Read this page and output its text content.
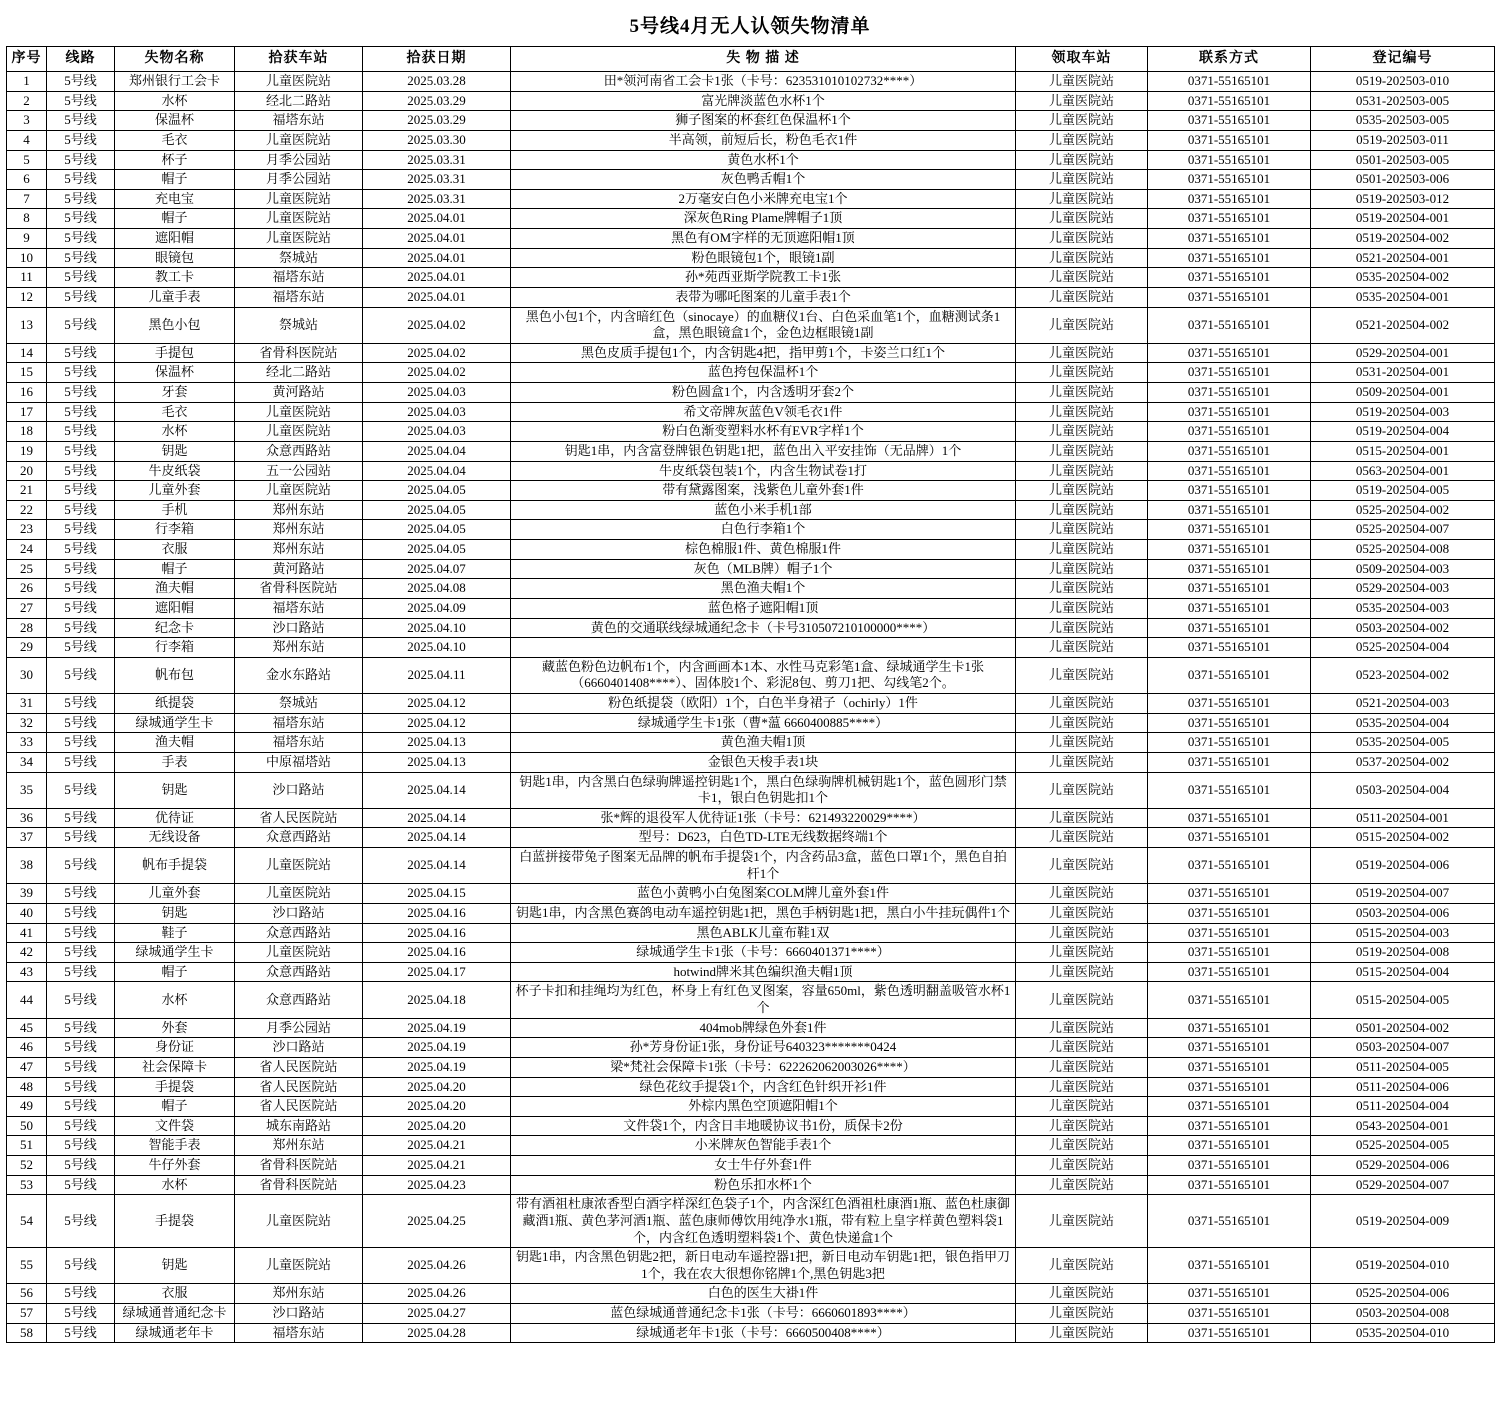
5号线4月无人认领失物清单
序号	线路	失物名称	拾获车站	拾获日期	失 物 描 述	领取车站	联系方式	登记编号
1	5号线	郑州银行工会卡	儿童医院站	2025.03.28	田*领河南省工会卡1张（卡号：623531010102732****）	儿童医院站	0371-55165101	0519-202503-010
2	5号线	水杯	经北二路站	2025.03.29	富光牌淡蓝色水杯1个	儿童医院站	0371-55165101	0531-202503-005
3	5号线	保温杯	福塔东站	2025.03.29	狮子图案的杯套红色保温杯1个	儿童医院站	0371-55165101	0535-202503-005
4	5号线	毛衣	儿童医院站	2025.03.30	半高领，前短后长，粉色毛衣1件	儿童医院站	0371-55165101	0519-202503-011
5	5号线	杯子	月季公园站	2025.03.31	黄色水杯1个	儿童医院站	0371-55165101	0501-202503-005
6	5号线	帽子	月季公园站	2025.03.31	灰色鸭舌帽1个	儿童医院站	0371-55165101	0501-202503-006
7	5号线	充电宝	儿童医院站	2025.03.31	2万毫安白色小米牌充电宝1个	儿童医院站	0371-55165101	0519-202503-012
8	5号线	帽子	儿童医院站	2025.04.01	深灰色Ring Plame牌帽子1顶	儿童医院站	0371-55165101	0519-202504-001
9	5号线	遮阳帽	儿童医院站	2025.04.01	黑色有OM字样的无顶遮阳帽1顶	儿童医院站	0371-55165101	0519-202504-002
10	5号线	眼镜包	祭城站	2025.04.01	粉色眼镜包1个，眼镜1副	儿童医院站	0371-55165101	0521-202504-001
11	5号线	教工卡	福塔东站	2025.04.01	孙*苑西亚斯学院教工卡1张	儿童医院站	0371-55165101	0535-202504-002
12	5号线	儿童手表	福塔东站	2025.04.01	表带为哪吒图案的儿童手表1个	儿童医院站	0371-55165101	0535-202504-001
13	5号线	黑色小包	祭城站	2025.04.02	黑色小包1个，内含暗红色（sinocaye）的血糖仪1台、白色采血笔1个，血糖测试条1盒，黑色眼镜盒1个，金色边框眼镜1副	儿童医院站	0371-55165101	0521-202504-002
14	5号线	手提包	省骨科医院站	2025.04.02	黑色皮质手提包1个，内含钥匙4把，指甲剪1个，卡姿兰口红1个	儿童医院站	0371-55165101	0529-202504-001
15	5号线	保温杯	经北二路站	2025.04.02	蓝色挎包保温杯1个	儿童医院站	0371-55165101	0531-202504-001
16	5号线	牙套	黄河路站	2025.04.03	粉色圆盒1个，内含透明牙套2个	儿童医院站	0371-55165101	0509-202504-001
17	5号线	毛衣	儿童医院站	2025.04.03	希文帝牌灰蓝色V领毛衣1件	儿童医院站	0371-55165101	0519-202504-003
18	5号线	水杯	儿童医院站	2025.04.03	粉白色渐变塑料水杯有EVR字样1个	儿童医院站	0371-55165101	0519-202504-004
19	5号线	钥匙	众意西路站	2025.04.04	钥匙1串，内含富登牌银色钥匙1把，蓝色出入平安挂饰（无品牌）1个	儿童医院站	0371-55165101	0515-202504-001
20	5号线	牛皮纸袋	五一公园站	2025.04.04	牛皮纸袋包装1个，内含生物试卷1打	儿童医院站	0371-55165101	0563-202504-001
21	5号线	儿童外套	儿童医院站	2025.04.05	带有黛露图案，浅紫色儿童外套1件	儿童医院站	0371-55165101	0519-202504-005
22	5号线	手机	郑州东站	2025.04.05	蓝色小米手机1部	儿童医院站	0371-55165101	0525-202504-002
23	5号线	行李箱	郑州东站	2025.04.05	白色行李箱1个	儿童医院站	0371-55165101	0525-202504-007
24	5号线	衣服	郑州东站	2025.04.05	棕色棉服1件、黄色棉服1件	儿童医院站	0371-55165101	0525-202504-008
25	5号线	帽子	黄河路站	2025.04.07	灰色（MLB牌）帽子1个	儿童医院站	0371-55165101	0509-202504-003
26	5号线	渔夫帽	省骨科医院站	2025.04.08	黑色渔夫帽1个	儿童医院站	0371-55165101	0529-202504-003
27	5号线	遮阳帽	福塔东站	2025.04.09	蓝色格子遮阳帽1顶	儿童医院站	0371-55165101	0535-202504-003
28	5号线	纪念卡	沙口路站	2025.04.10	黄色的交通联线绿城通纪念卡（卡号310507210100000****）	儿童医院站	0371-55165101	0503-202504-002
29	5号线	行李箱	郑州东站	2025.04.10		儿童医院站	0371-55165101	0525-202504-004
30	5号线	帆布包	金水东路站	2025.04.11	藏蓝色粉色边帆布1个，内含画画本1本、水性马克彩笔1盒、绿城通学生卡1张（6660401408****）、固体胶1个、彩泥8包、剪刀1把、勾线笔2个。	儿童医院站	0371-55165101	0523-202504-002
31	5号线	纸提袋	祭城站	2025.04.12	粉色纸提袋（欧阳）1个，白色半身裙子（ochirly）1件	儿童医院站	0371-55165101	0521-202504-003
32	5号线	绿城通学生卡	福塔东站	2025.04.12	绿城通学生卡1张（曹*蕰 6660400885****）	儿童医院站	0371-55165101	0535-202504-004
33	5号线	渔夫帽	福塔东站	2025.04.13	黄色渔夫帽1顶	儿童医院站	0371-55165101	0535-202504-005
34	5号线	手表	中原福塔站	2025.04.13	金银色天梭手表1块	儿童医院站	0371-55165101	0537-202504-002
35	5号线	钥匙	沙口路站	2025.04.14	钥匙1串，内含黑白色绿驹牌遥控钥匙1个，黑白色绿驹牌机械钥匙1个，蓝色圆形门禁卡1，银白色钥匙扣1个	儿童医院站	0371-55165101	0503-202504-004
36	5号线	优待证	省人民医院站	2025.04.14	张*辉的退役军人优待证1张（卡号：621493220029****）	儿童医院站	0371-55165101	0511-202504-001
37	5号线	无线设备	众意西路站	2025.04.14	型号：D623，白色TD-LTE无线数据终端1个	儿童医院站	0371-55165101	0515-202504-002
38	5号线	帆布手提袋	儿童医院站	2025.04.14	白蓝拼接带兔子图案无品牌的帆布手提袋1个，内含药品3盒，蓝色口罩1个，黑色自拍杆1个	儿童医院站	0371-55165101	0519-202504-006
39	5号线	儿童外套	儿童医院站	2025.04.15	蓝色小黄鸭小白兔图案COLM牌儿童外套1件	儿童医院站	0371-55165101	0519-202504-007
40	5号线	钥匙	沙口路站	2025.04.16	钥匙1串，内含黑色赛鸽电动车遥控钥匙1把，黑色手柄钥匙1把，黑白小牛挂玩偶件1个	儿童医院站	0371-55165101	0503-202504-006
41	5号线	鞋子	众意西路站	2025.04.16	黑色ABLK儿童布鞋1双	儿童医院站	0371-55165101	0515-202504-003
42	5号线	绿城通学生卡	儿童医院站	2025.04.16	绿城通学生卡1张（卡号：6660401371****）	儿童医院站	0371-55165101	0519-202504-008
43	5号线	帽子	众意西路站	2025.04.17	hotwind牌米其色编织渔夫帽1顶	儿童医院站	0371-55165101	0515-202504-004
44	5号线	水杯	众意西路站	2025.04.18	杯子卡扣和挂绳均为红色，杯身上有红色叉图案，容量650ml，紫色透明翻盖吸管水杯1个	儿童医院站	0371-55165101	0515-202504-005
45	5号线	外套	月季公园站	2025.04.19	404mob牌绿色外套1件	儿童医院站	0371-55165101	0501-202504-002
46	5号线	身份证	沙口路站	2025.04.19	孙*芳身份证1张，身份证号640323*******0424	儿童医院站	0371-55165101	0503-202504-007
47	5号线	社会保障卡	省人民医院站	2025.04.19	梁*梵社会保障卡1张（卡号：622262062003026****）	儿童医院站	0371-55165101	0511-202504-005
48	5号线	手提袋	省人民医院站	2025.04.20	绿色花纹手提袋1个，内含红色针织开衫1件	儿童医院站	0371-55165101	0511-202504-006
49	5号线	帽子	省人民医院站	2025.04.20	外棕内黑色空顶遮阳帽1个	儿童医院站	0371-55165101	0511-202504-004
50	5号线	文件袋	城东南路站	2025.04.20	文件袋1个，内含日丰地暖协议书1份，质保卡2份	儿童医院站	0371-55165101	0543-202504-001
51	5号线	智能手表	郑州东站	2025.04.21	小米牌灰色智能手表1个	儿童医院站	0371-55165101	0525-202504-005
52	5号线	牛仔外套	省骨科医院站	2025.04.21	女士牛仔外套1件	儿童医院站	0371-55165101	0529-202504-006
53	5号线	水杯	省骨科医院站	2025.04.23	粉色乐扣水杯1个	儿童医院站	0371-55165101	0529-202504-007
54	5号线	手提袋	儿童医院站	2025.04.25	带有酒祖杜康浓香型白酒字样深红色袋子1个，内含深红色酒祖杜康酒1瓶、蓝色杜康御藏酒1瓶、黄色茅河酒1瓶、蓝色康师傅饮用纯净水1瓶，带有粒上皇字样黄色塑料袋1个，内含红色透明塑料袋1个、黄色快递盒1个	儿童医院站	0371-55165101	0519-202504-009
55	5号线	钥匙	儿童医院站	2025.04.26	钥匙1串，内含黑色钥匙2把，新日电动车遥控器1把，新日电动车钥匙1把，银色指甲刀1个，我在农大很想你铭牌1个,黑色钥匙3把	儿童医院站	0371-55165101	0519-202504-010
56	5号线	衣服	郑州东站	2025.04.26	白色的医生大褂1件	儿童医院站	0371-55165101	0525-202504-006
57	5号线	绿城通普通纪念卡	沙口路站	2025.04.27	蓝色绿城通普通纪念卡1张（卡号：6660601893****）	儿童医院站	0371-55165101	0503-202504-008
58	5号线	绿城通老年卡	福塔东站	2025.04.28	绿城通老年卡1张（卡号：6660500408****）	儿童医院站	0371-55165101	0535-202504-010
